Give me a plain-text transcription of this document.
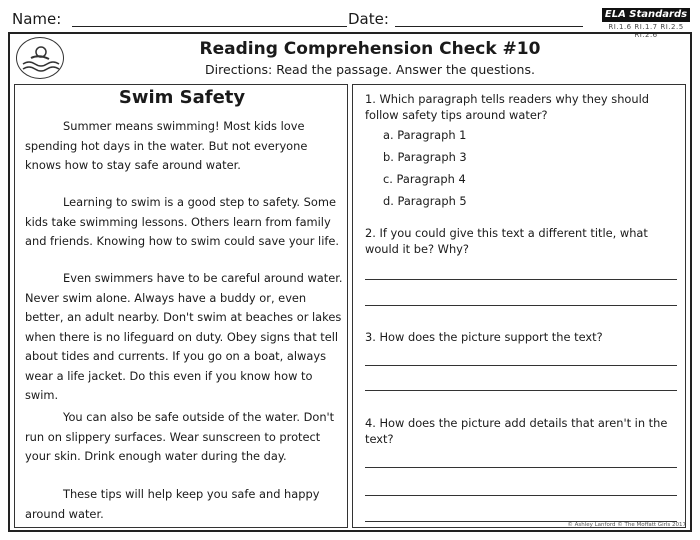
Name:	Date:	ELA Standards
RI.1.6 RI.1.7 RI.2.5 RI.2.6
Reading Comprehension Check #10
Directions: Read the passage. Answer the questions.
Swim Safety
Summer means swimming! Most kids love spending hot days in the water. But not everyone knows how to stay safe around water.
Learning to swim is a good step to safety. Some kids take swimming lessons. Others learn from family and friends. Knowing how to swim could save your life.
Even swimmers have to be careful around water. Never swim alone. Always have a buddy or, even better, an adult nearby. Don't swim at beaches or lakes when there is no lifeguard on duty. Obey signs that tell about tides and currents. If you go on a boat, always wear a life jacket. Do this even if you know how to swim.
You can also be safe outside of the water. Don't run on slippery surfaces. Wear sunscreen to protect your skin. Drink enough water during the day.
These tips will help keep you safe and happy around water.
1. Which paragraph tells readers why they should follow safety tips around water?
a. Paragraph 1
b. Paragraph 3
c. Paragraph 4
d. Paragraph 5
2. If you could give this text a different title, what would it be? Why?
3. How does the picture support the text?
4. How does the picture add details that aren't in the text?
© Ashley Lanford © The Moffatt Girls 2017
